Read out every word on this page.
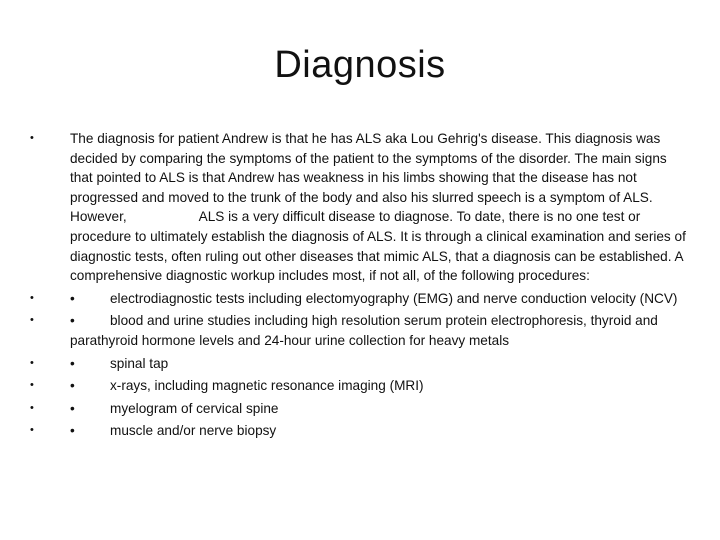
Diagnosis
•	The diagnosis for patient Andrew is that he has ALS aka Lou Gehrig's disease. This diagnosis was decided by comparing the symptoms of the patient to the symptoms of the disorder. The main signs that pointed to ALS is that Andrew has weakness in his limbs showing that the disease has not progressed and moved to the trunk of the body and also his slurred speech is a symptom of ALS. However,	ALS is a very difficult disease to diagnose. To date, there is no one test or procedure to ultimately establish the diagnosis of ALS. It is through a clinical examination and series of diagnostic tests, often ruling out other diseases that mimic ALS, that a diagnosis can be established. A comprehensive diagnostic workup includes most, if not all, of the following procedures:
•	•	electrodiagnostic tests including electomyography (EMG) and nerve conduction velocity (NCV)
•	•	blood and urine studies including high resolution serum protein electrophoresis, thyroid and parathyroid hormone levels and 24-hour urine collection for heavy metals
•	•	spinal tap
•	•	x-rays, including magnetic resonance imaging (MRI)
•	•	myelogram of cervical spine
•	•	muscle and/or nerve biopsy
